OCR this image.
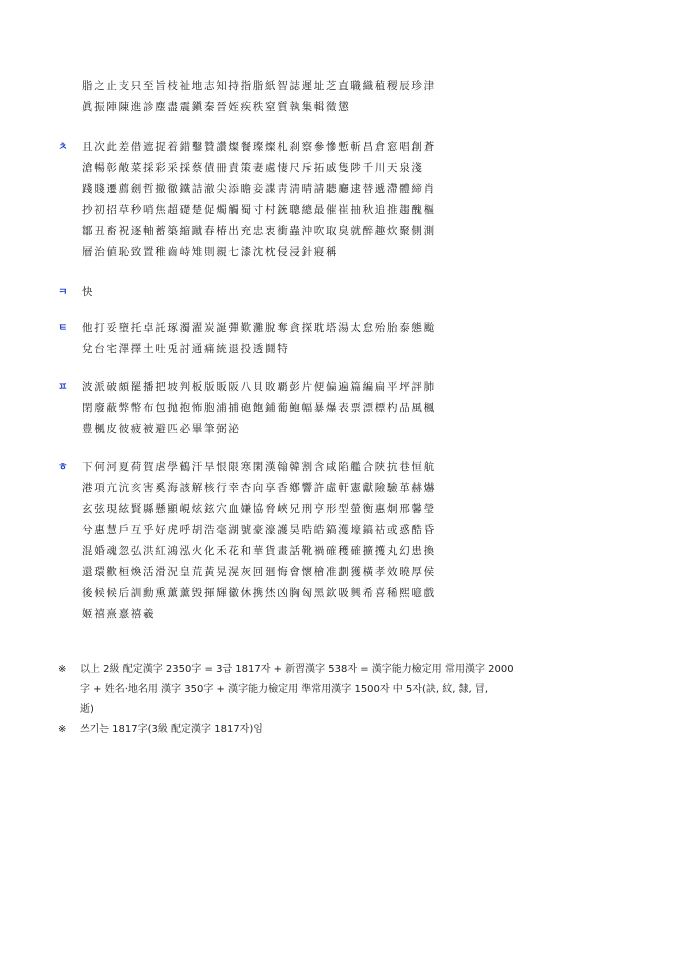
脂之止支只至旨枝祉地志知持指脂紙智誌遲址芝直職織稙稷辰珍津
眞振陣陳進診塵盡震鎭秦晉姪疾秩窒質執集輯徵懲
ㅊ	且次此差借遮捉着錯鑿贊讚燦餐璨燦札刹察參慘慙斬昌倉窓唱創蒼
滄暢彰敞菜採彩采採蔡債冊責策妻處悽尺斥拓戚隻陟千川天泉淺
踐賤遷薦劍哲撤徹鐵詰澈尖添瞻妾諜靑淸晴請聽廳逮替遞滯體締肖
抄初招草秒哨焦超礎楚促燭觸蜀寸村銃聰總最催崔抽秋追推趨醜樞
鄒丑畜祝逐軸蓄築縮蹴春椿出充忠衷衝蟲沖吹取臭就醉趣炊聚側測
層治値恥致置稚齒峙雉則親七漆沈枕侵浸針寢稱
ㅋ	快
ㅌ	他打妥墮托卓託琢濁濯炭誕彈歎灘脫奪貪探耽塔湯太怠殆胎泰態颱
兌台宅澤擇土吐兎討通痛統退投透鬪特
ㅍ	波派破頗罷播把坡判板版販阪八貝敗覇彭片便偏遍篇編扁平坪評肺
閉廢蔽弊幣布包抛抱怖胞浦捕砲飽鋪葡鮑幅暴爆表票漂標杓品風楓
豊楓皮彼疲被避匹必畢筆弼泌
ㅎ	下何河夏荷賀虐學鶴汗旱恨限寒閑漢翰韓割含咸陷艦合陝抗巷恒航
港項亢沆亥害奚海該解核行幸杏向享香鄕響許虛軒憲獻險驗革赫爀
玄弦現絃賢縣懸顯峴炫鉉穴血嫌協脅峽兄刑亨形型螢衡惠炯邢馨瑩
兮惠慧戶互乎好虎呼胡浩毫湖號豪濠護昊晧皓鎬濩壕鎬祜或惑酷昏
混婚魂忽弘洪紅鴻泓火化禾花和華貨畫話靴禍確穫確擴擭丸幻患換
還環歡桓煥活滑況皇荒黃晃滉灰回廻悔會懷檜准劃獲橫孝效曉厚侯
後候候后訓勳熏薰薰毁揮輝徽休携烋凶胸匈黑欽吸興希喜稀熙噫戲
姬禧熹憙禧羲
※ 以上 2級 配定漢字 2350字 = 3급 1817자 + 新習漢字 538자 = 漢字能力檢定用 常用漢字 2000
字 + 姓名·地名用 漢字 350字 + 漢字能力檢定用 準常用漢字 1500자 中 5자(訣, 紋, 隸, 冒,
逝)
※ 쓰기는 1817字(3級 配定漢字 1817자)임
